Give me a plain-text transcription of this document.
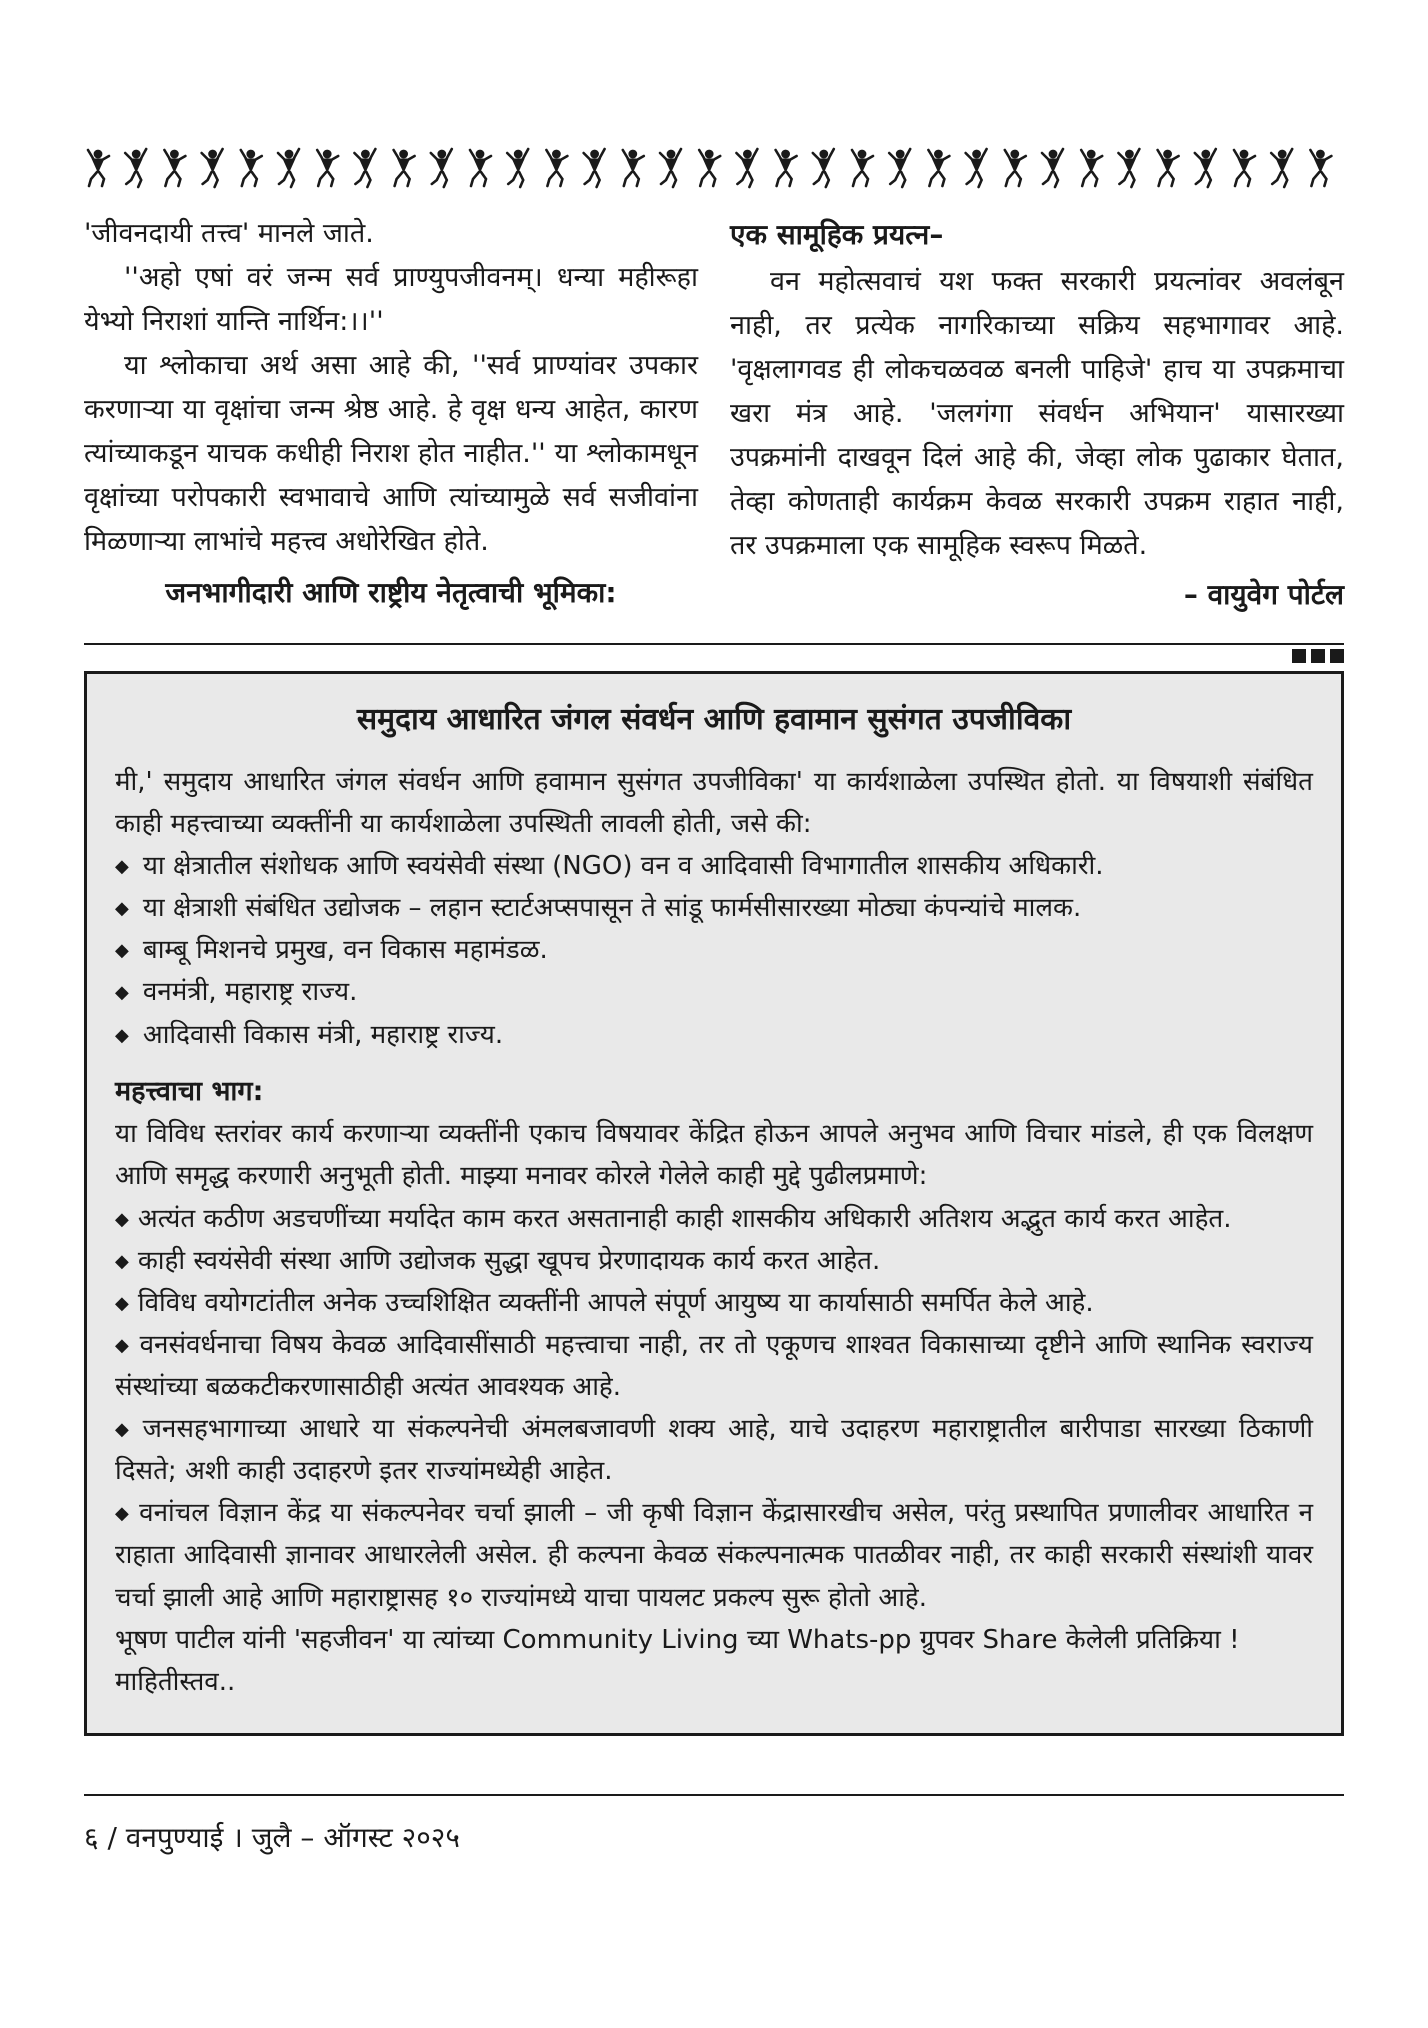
'जीवनदायी तत्त्व' मानले जाते.

''अहो एषां वरं जन्म सर्व प्राण्युपजीवनम्। धन्या महीरूहा येभ्यो निराशां यान्ति नार्थिन:।।''

या श्लोकाचा अर्थ असा आहे की, ''सर्व प्राण्यांवर उपकार करणाऱ्या या वृक्षांचा जन्म श्रेष्ठ आहे. हे वृक्ष धन्य आहेत, कारण त्यांच्याकडून याचक कधीही निराश होत नाहीत.'' या श्लोकामधून वृक्षांच्या परोपकारी स्वभावाचे आणि त्यांच्यामुळे सर्व सजीवांना मिळणाऱ्या लाभांचे महत्त्व अधोरेखित होते.

जनभागीदारी आणि राष्ट्रीय नेतृत्वाची भूमिका:
एक सामूहिक प्रयत्न–

वन महोत्सवाचं यश फक्त सरकारी प्रयत्नांवर अवलंबून नाही, तर प्रत्येक नागरिकाच्या सक्रिय सहभागावर आहे. 'वृक्षलागवड ही लोकचळवळ बनली पाहिजे' हाच या उपक्रमाचा खरा मंत्र आहे. 'जलगंगा संवर्धन अभियान' यासारख्या उपक्रमांनी दाखवून दिलं आहे की, जेव्हा लोक पुढाकार घेतात, तेव्हा कोणताही कार्यक्रम केवळ सरकारी उपक्रम राहात नाही, तर उपक्रमाला एक सामूहिक स्वरूप मिळते.

– वायुवेग पोर्टल
समुदाय आधारित जंगल संवर्धन आणि हवामान सुसंगत उपजीविका

मी,' समुदाय आधारित जंगल संवर्धन आणि हवामान सुसंगत उपजीविका' या कार्यशाळेला उपस्थित होतो. या विषयाशी संबंधित काही महत्त्वाच्या व्यक्तींनी या कार्यशाळेला उपस्थिती लावली होती, जसे की:

◆ या क्षेत्रातील संशोधक आणि स्वयंसेवी संस्था (NGO) वन व आदिवासी विभागातील शासकीय अधिकारी.

◆ या क्षेत्राशी संबंधित उद्योजक – लहान स्टार्टअप्सपासून ते सांडू फार्मसीसारख्या मोठ्या कंपन्यांचे मालक.

◆ बाम्बू मिशनचे प्रमुख, वन विकास महामंडळ.

◆ वनमंत्री, महाराष्ट्र राज्य.

◆ आदिवासी विकास मंत्री, महाराष्ट्र राज्य.

महत्त्वाचा भाग:

या विविध स्तरांवर कार्य करणाऱ्या व्यक्तींनी एकाच विषयावर केंद्रित होऊन आपले अनुभव आणि विचार मांडले, ही एक विलक्षण आणि समृद्ध करणारी अनुभूती होती. माझ्या मनावर कोरले गेलेले काही मुद्दे पुढीलप्रमाणे:

◆ अत्यंत कठीण अडचणींच्या मर्यादेत काम करत असतानाही काही शासकीय अधिकारी अतिशय अद्भुत कार्य करत आहेत.

◆ काही स्वयंसेवी संस्था आणि उद्योजक सुद्धा खूपच प्रेरणादायक कार्य करत आहेत.

◆ विविध वयोगटांतील अनेक उच्चशिक्षित व्यक्तींनी आपले संपूर्ण आयुष्य या कार्यासाठी समर्पित केले आहे.

◆ वनसंवर्धनाचा विषय केवळ आदिवासींसाठी महत्त्वाचा नाही, तर तो एकूणच शाश्वत विकासाच्या दृष्टीने आणि स्थानिक स्वराज्य संस्थांच्या बळकटीकरणासाठीही अत्यंत आवश्यक आहे.

◆ जनसहभागाच्या आधारे या संकल्पनेची अंमलबजावणी शक्य आहे, याचे उदाहरण महाराष्ट्रातील बारीपाडा सारख्या ठिकाणी दिसते; अशी काही उदाहरणे इतर राज्यांमध्येही आहेत.

◆ वनांचल विज्ञान केंद्र या संकल्पनेवर चर्चा झाली – जी कृषी विज्ञान केंद्रासारखीच असेल, परंतु प्रस्थापित प्रणालीवर आधारित न राहाता आदिवासी ज्ञानावर आधारलेली असेल. ही कल्पना केवळ संकल्पनात्मक पातळीवर नाही, तर काही सरकारी संस्थांशी यावर चर्चा झाली आहे आणि महाराष्ट्रासह १० राज्यांमध्ये याचा पायलट प्रकल्प सुरू होतो आहे.

भूषण पाटील यांनी 'सहजीवन' या त्यांच्या Community Living च्या Whats-pp ग्रुपवर Share केलेली प्रतिक्रिया !

माहितीस्तव..

६ / वनपुण्याई । जुलै – ऑगस्ट २०२५
